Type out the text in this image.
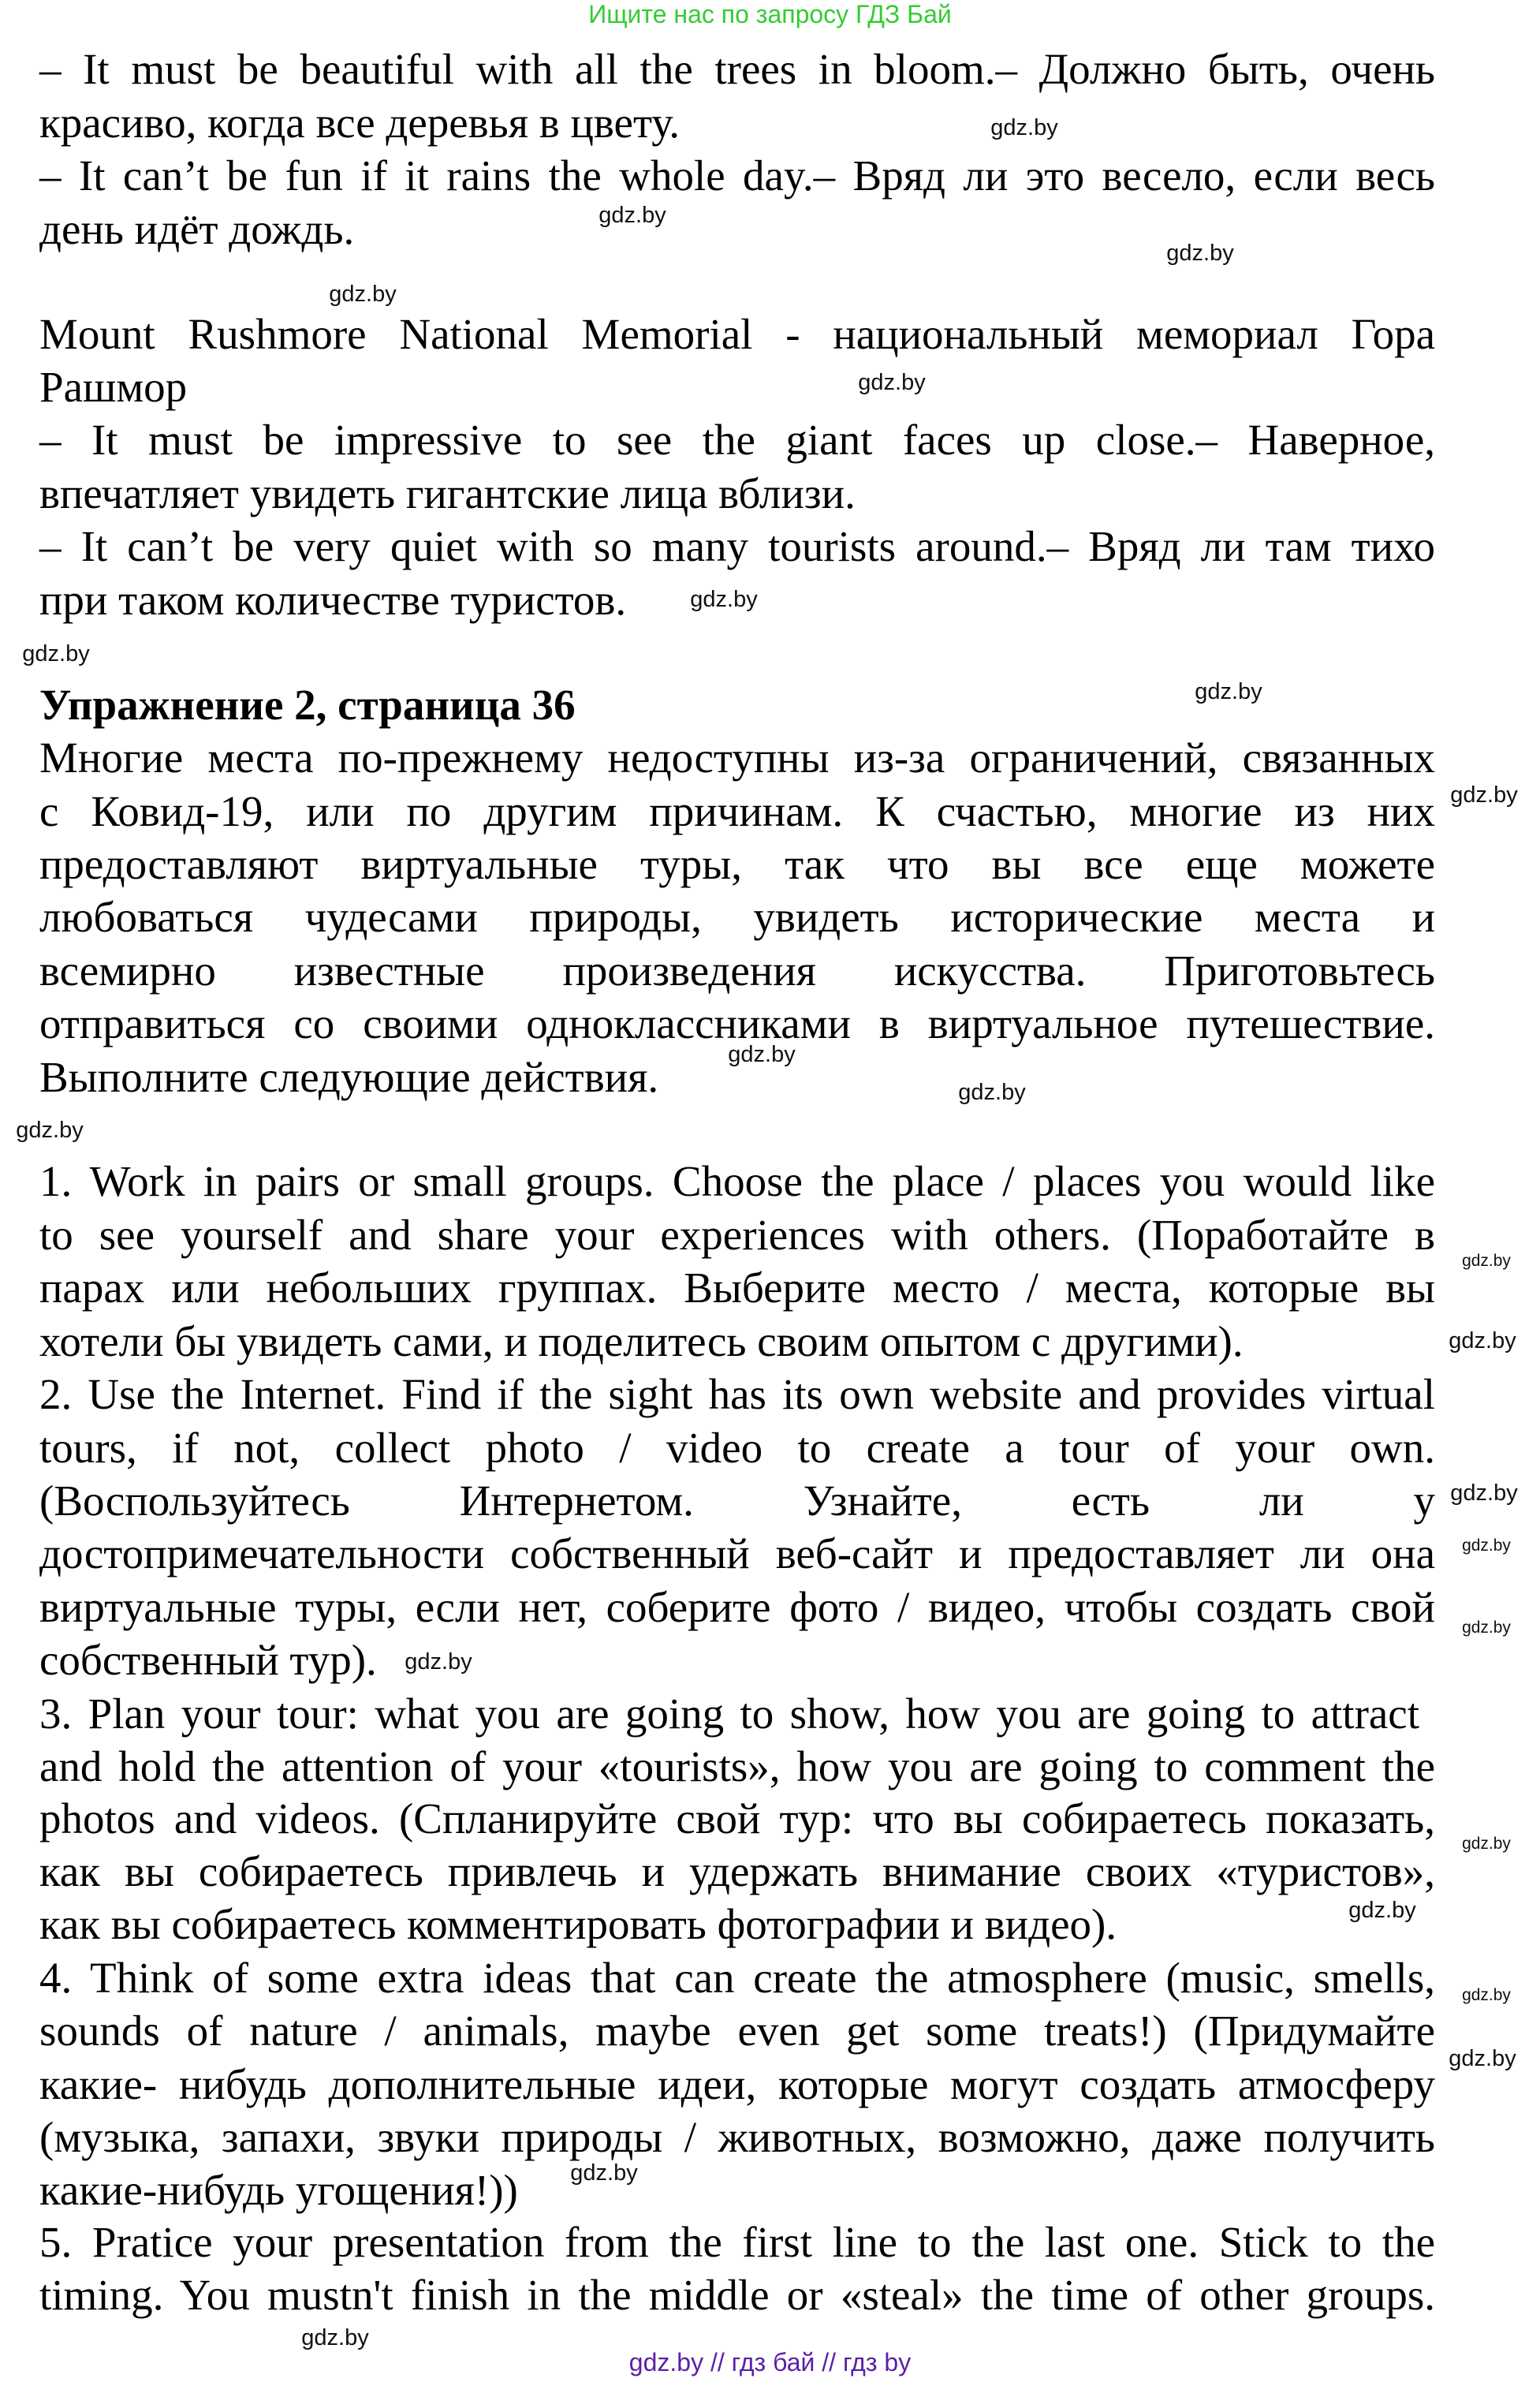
Ищите нас по запросу ГДЗ Бай
– It must be beautiful with all the trees in bloom.– Должно быть, очень
красиво, когда все деревья в цвету.
– It can’t be fun if it rains the whole day.– Вряд ли это весело, если весь
день идёт дождь.
Mount Rushmore National Memorial - национальный мемориал Гора
Рашмор
– It must be impressive to see the giant faces up close.– Наверное,
впечатляет увидеть гигантские лица вблизи.
– It can’t be very quiet with so many tourists around.– Вряд ли там тихо
при таком количестве туристов.
Упражнение 2, страница 36
Многие места по-прежнему недоступны из-за ограничений, связанных
с Ковид-19, или по другим причинам. К счастью, многие из них
предоставляют виртуальные туры, так что вы все еще можете
любоваться чудесами природы, увидеть исторические места и
всемирно известные произведения искусства. Приготовьтесь
отправиться со своими одноклассниками в виртуальное путешествие.
Выполните следующие действия.
1. Work in pairs or small groups. Choose the place / places you would like
to see yourself and share your experiences with others. (Поработайте в
парах или небольших группах. Выберите место / места, которые вы
хотели бы увидеть сами, и поделитесь своим опытом с другими).
2. Use the Internet. Find if the sight has its own website and provides virtual
tours, if not, collect photo / video to create a tour of your own.
(Воспользуйтесь Интернетом. Узнайте, есть ли у
достопримечательности собственный веб-сайт и предоставляет ли она
виртуальные туры, если нет, соберите фото / видео, чтобы создать свой
собственный тур).
3. Plan your tour: what you are going to show, how you are going to attract
and hold the attention of your «tourists», how you are going to comment the
photos and videos. (Спланируйте свой тур: что вы собираетесь показать,
как вы собираетесь привлечь и удержать внимание своих «туристов»,
как вы собираетесь комментировать фотографии и видео).
4. Think of some extra ideas that can create the atmosphere (music, smells,
sounds of nature / animals, maybe even get some treats!) (Придумайте
какие- нибудь дополнительные идеи, которые могут создать атмосферу
(музыка, запахи, звуки природы / животных, возможно, даже получить
какие-нибудь угощения!))
5. Pratice your presentation from the first line to the last one. Stick to the
timing. You mustn't finish in the middle or «steal» the time of other groups.
gdz.by
gdz.by
gdz.by
gdz.by
gdz.by
gdz.by
gdz.by
gdz.by
gdz.by
gdz.by
gdz.by
gdz.by
gdz.by
gdz.by
gdz.by
gdz.by
gdz.by
gdz.by
gdz.by
gdz.by
gdz.by
gdz.by
gdz.by
gdz.by
gdz.by // гдз бай // гдз by
